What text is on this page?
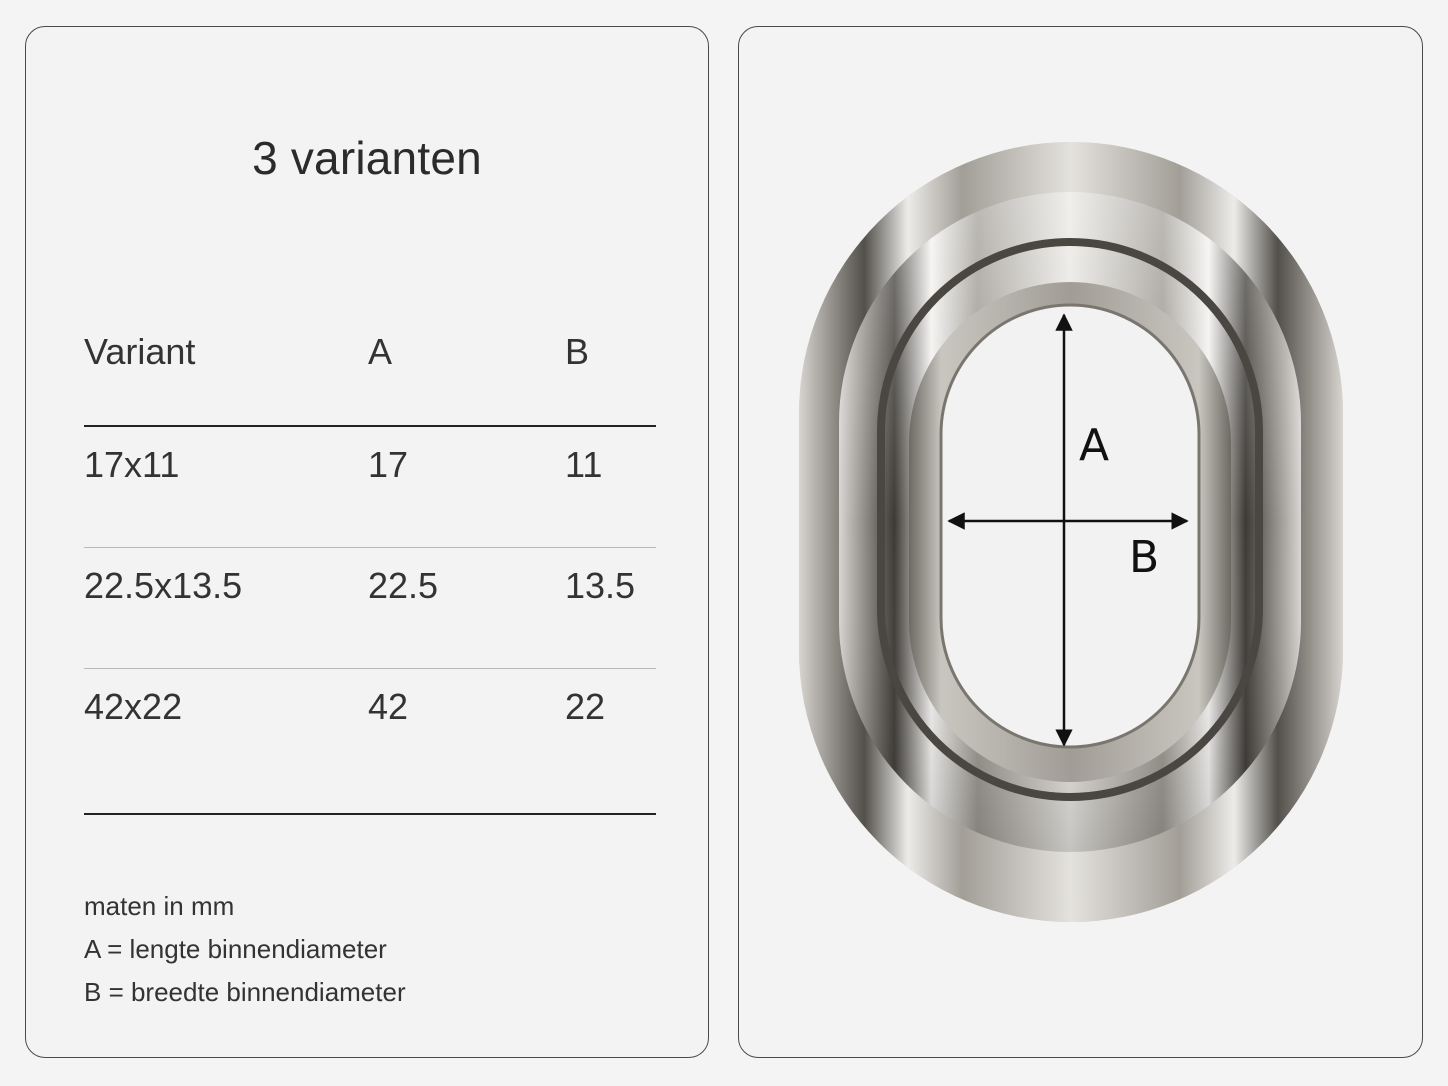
3 varianten
Variant	A	B
17x11	17	11
22.5x13.5	22.5	13.5
42x22	42	22
maten in mm
A = lengte binnendiameter
B = breedte binnendiameter
A
B
